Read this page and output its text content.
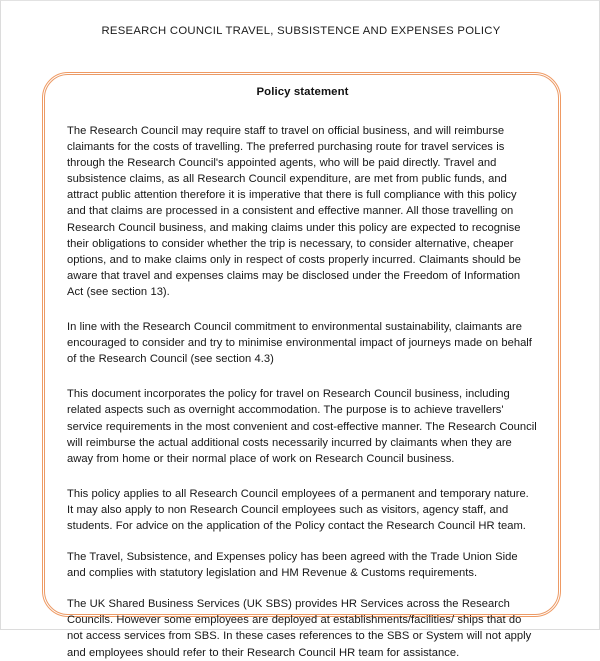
RESEARCH COUNCIL TRAVEL, SUBSISTENCE AND EXPENSES POLICY
Policy statement

The Research Council may require staff to travel on official business, and will reimburse claimants for the costs of travelling. The preferred purchasing route for travel services is through the Research Council's appointed agents, who will be paid directly. Travel and subsistence claims, as all Research Council expenditure, are met from public funds, and attract public attention therefore it is imperative that there is full compliance with this policy and that claims are processed in a consistent and effective manner. All those travelling on Research Council business, and making claims under this policy are expected to recognise their obligations to consider whether the trip is necessary, to consider alternative, cheaper options, and to make claims only in respect of costs properly incurred. Claimants should be aware that travel and expenses claims may be disclosed under the Freedom of Information Act (see section 13).

In line with the Research Council commitment to environmental sustainability, claimants are encouraged to consider and try to minimise environmental impact of journeys made on behalf of the Research Council (see section 4.3)

This document incorporates the policy for travel on Research Council business, including related aspects such as overnight accommodation. The purpose is to achieve travellers' service requirements in the most convenient and cost-effective manner. The Research Council will reimburse the actual additional costs necessarily incurred by claimants when they are away from home or their normal place of work on Research Council business.

This policy applies to all Research Council employees of a permanent and temporary nature. It may also apply to non Research Council employees such as visitors, agency staff, and students. For advice on the application of the Policy contact the Research Council HR team.

The Travel, Subsistence, and Expenses policy has been agreed with the Trade Union Side and complies with statutory legislation and HM Revenue & Customs requirements.

The UK Shared Business Services (UK SBS) provides HR Services across the Research Councils. However some employees are deployed at establishments/facilities/ ships that do not access services from SBS. In these cases references to the SBS or System will not apply and employees should refer to their Research Council HR team for assistance.
